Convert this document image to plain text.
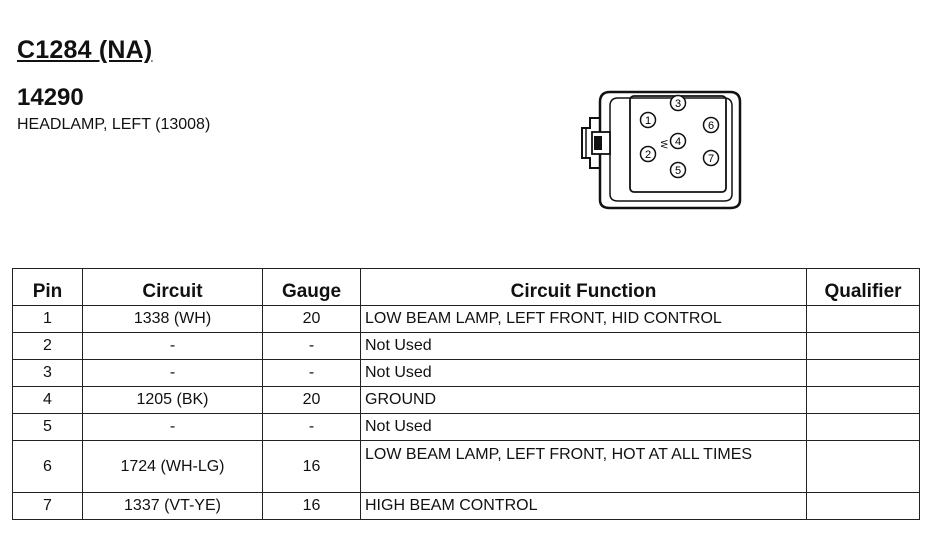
C1284 (NA)
14290
HEADLAMP, LEFT (13008)	1
2
3
4
5
6
7
W
Pin	Circuit	Gauge	Circuit Function	Qualifier
1	1338 (WH)	20	LOW BEAM LAMP, LEFT FRONT, HID CONTROL	
2	-	-	Not Used	
3	-	-	Not Used	
4	1205 (BK)	20	GROUND	
5	-	-	Not Used	
6	1724 (WH-LG)	16	LOW BEAM LAMP, LEFT FRONT, HOT AT ALL TIMES	
7	1337 (VT-YE)	16	HIGH BEAM CONTROL	
